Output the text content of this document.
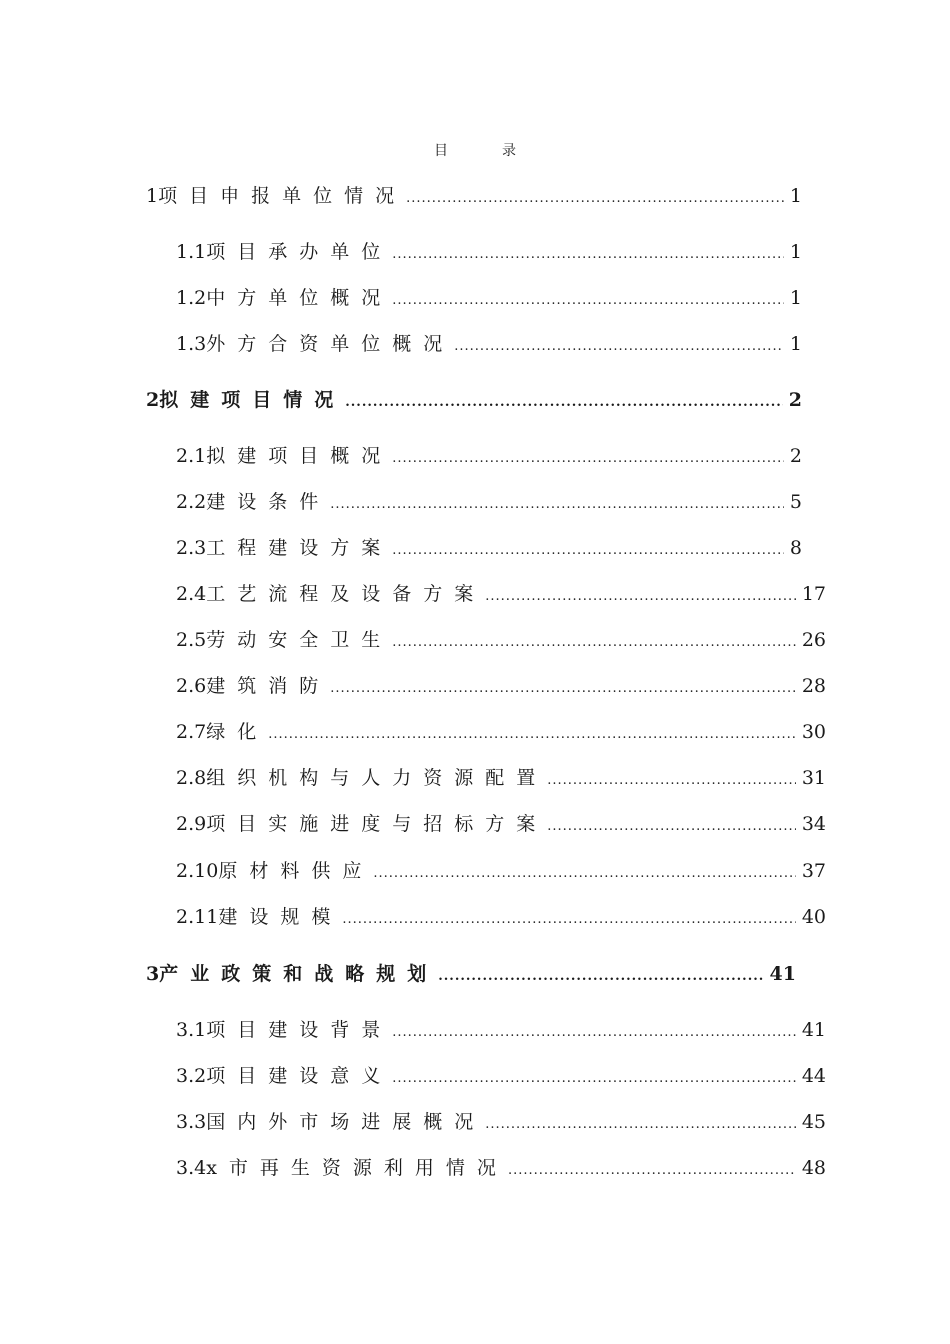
目录
1 项目申报单位情况 .....	1
1.1 项目承办单位 .....	1
1.2 中方单位概况 .....	1
1.3 外方合资单位概况 .....	1
2 拟建项目情况 .....	2
2.1 拟建项目概况 .....	2
2.2 建设条件 .....	5
2.3 工程建设方案 .....	8
2.4 工艺流程及设备方案 .....	17
2.5 劳动安全卫生 .....	26
2.6 建筑消防 .....	28
2.7 绿化 .....	30
2.8 组织机构与人力资源配置 .....	31
2.9 项目实施进度与招标方案 .....	34
2.10 原材料供应 .....	37
2.11 建设规模 .....	40
3 产业政策和战略规划 .....	41
3.1 项目建设背景 .....	41
3.2 项目建设意义 .....	44
3.3 国内外市场进展概况 .....	45
3.4 x市再生资源利用情况 .....	48
